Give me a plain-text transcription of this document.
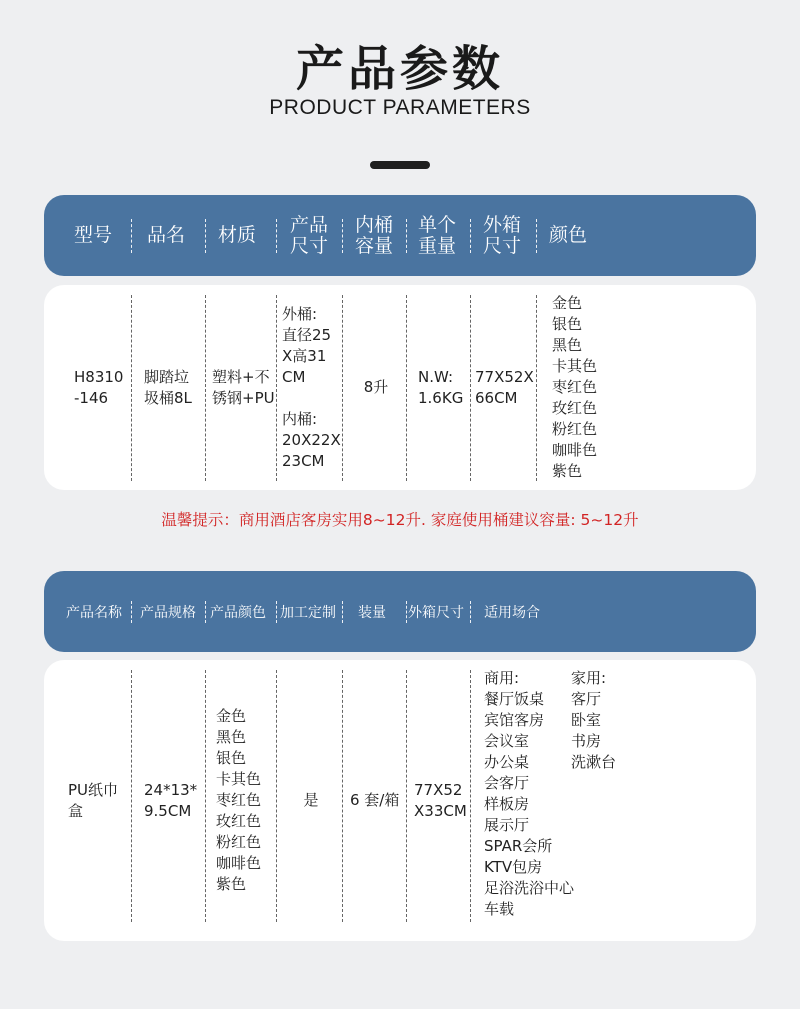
产品参数
PRODUCT PARAMETERS
型号 品名 材质 产品
尺寸
内桶
容量
单个
重量
外箱
尺寸 颜色
H8310
-146
脚踏垃
圾桶8L
塑料+不
锈钢+PU
外桶:
直径25
X高31
CM
内桶:
20X22X
23CM
8升
N.W:
1.6KG
77X52X
66CM
金色
银色
黑色
卡其色
枣红色
玫红色
粉红色
咖啡色
紫色
温馨提示：商用酒店客房实用8~12升. 家庭使用桶建议容量: 5~12升
产品名称 产品规格 产品颜色 加工定制 装量 外箱尺寸 适用场合
PU纸巾
盒
24*13*
9.5CM
金色
黑色
银色
卡其色
枣红色
玫红色
粉红色
咖啡色
紫色
是 6 套/箱
77X52
X33CM
商用:
餐厅饭桌
宾馆客房
会议室
办公桌
会客厅
样板房
展示厅
SPAR会所
KTV包房
足浴洗浴中心
车载
家用:
客厅
卧室
书房
洗漱台
